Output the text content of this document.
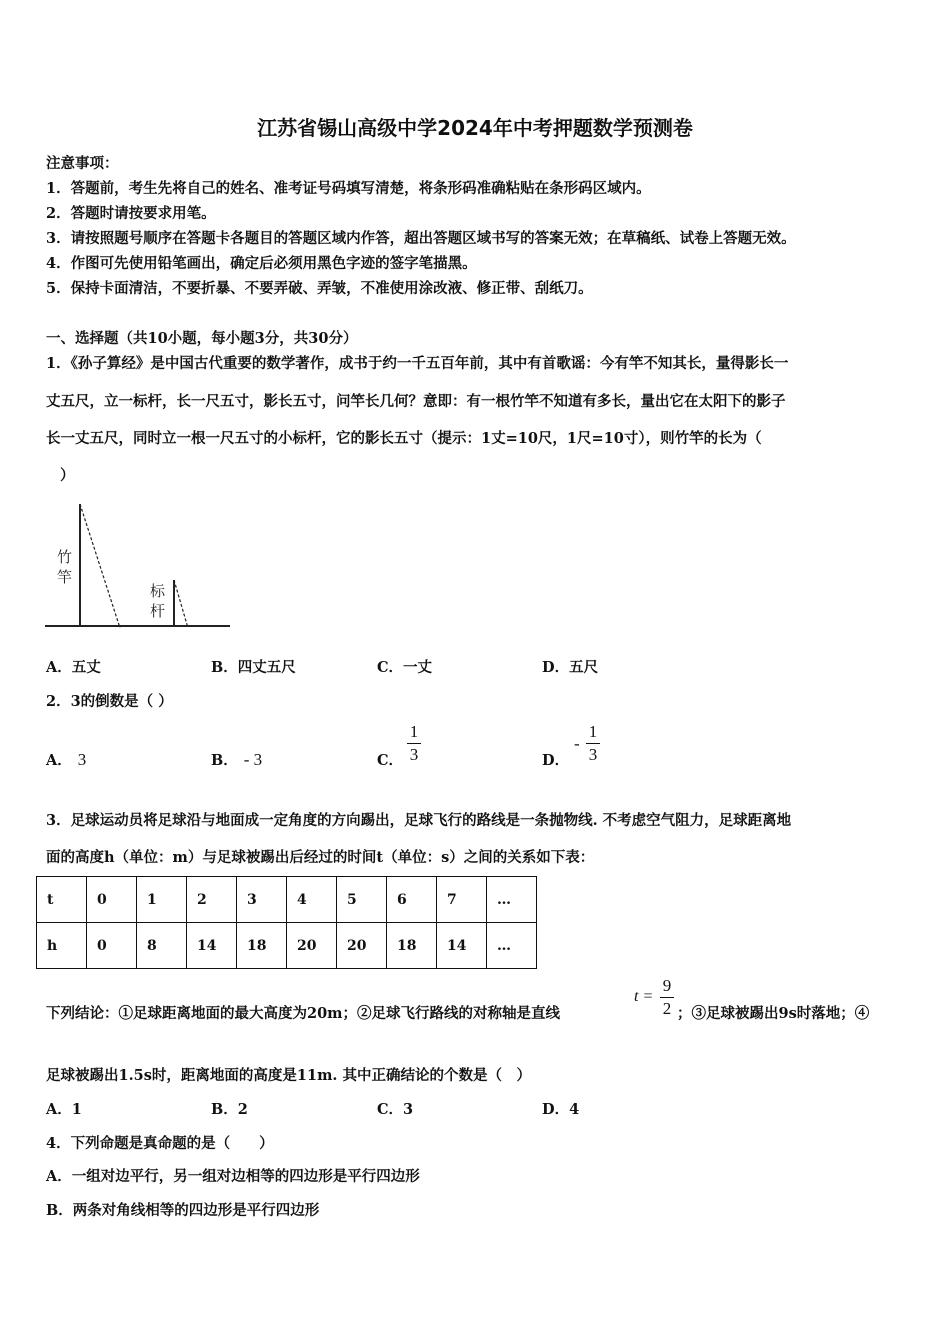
江苏省锡山高级中学2024年中考押题数学预测卷
注意事项：
1．答题前，考生先将自己的姓名、准考证号码填写清楚，将条形码准确粘贴在条形码区域内。
2．答题时请按要求用笔。
3．请按照题号顺序在答题卡各题目的答题区域内作答，超出答题区域书写的答案无效；在草稿纸、试卷上答题无效。
4．作图可先使用铅笔画出，确定后必须用黑色字迹的签字笔描黑。
5．保持卡面清洁，不要折暴、不要弄破、弄皱，不准使用涂改液、修正带、刮纸刀。
一、选择题（共10小题，每小题3分，共30分）
1．《孙子算经》是中国古代重要的数学著作，成书于约一千五百年前，其中有首歌谣：今有竿不知其长，量得影长一
丈五尺，立一标杆，长一尺五寸，影长五寸，问竿长几何？意即：有一根竹竿不知道有多长，量出它在太阳下的影子
长一丈五尺，同时立一根一尺五寸的小标杆，它的影长五寸（提示：1丈=10尺，1尺=10寸），则竹竿的长为（
）
竹
竿
标
杆
A．五丈	B．四丈五尺	C．一丈	D．五尺
2．3的倒数是（ ）
A． 3	B． - 3	C．
1
3	D．
-
1
3
3．足球运动员将足球沿与地面成一定角度的方向踢出，足球飞行的路线是一条抛物线. 不考虑空气阻力，足球距离地
面的高度h（单位：m）与足球被踢出后经过的时间t（单位：s）之间的关系如下表：
t	0	1	2	3	4	5	6	7	…
h	0	8	14	18	20	20	18	14	…
下列结论：①足球距离地面的最大高度为20m；②足球飞行路线的对称轴是直线
t =
9
2 ；③足球被踢出9s时落地；④
足球被踢出1.5s时，距离地面的高度是11m. 其中正确结论的个数是（　）
A．1	B．2	C．3	D．4
4．下列命题是真命题的是（　　）
A．一组对边平行，另一组对边相等的四边形是平行四边形
B．两条对角线相等的四边形是平行四边形
